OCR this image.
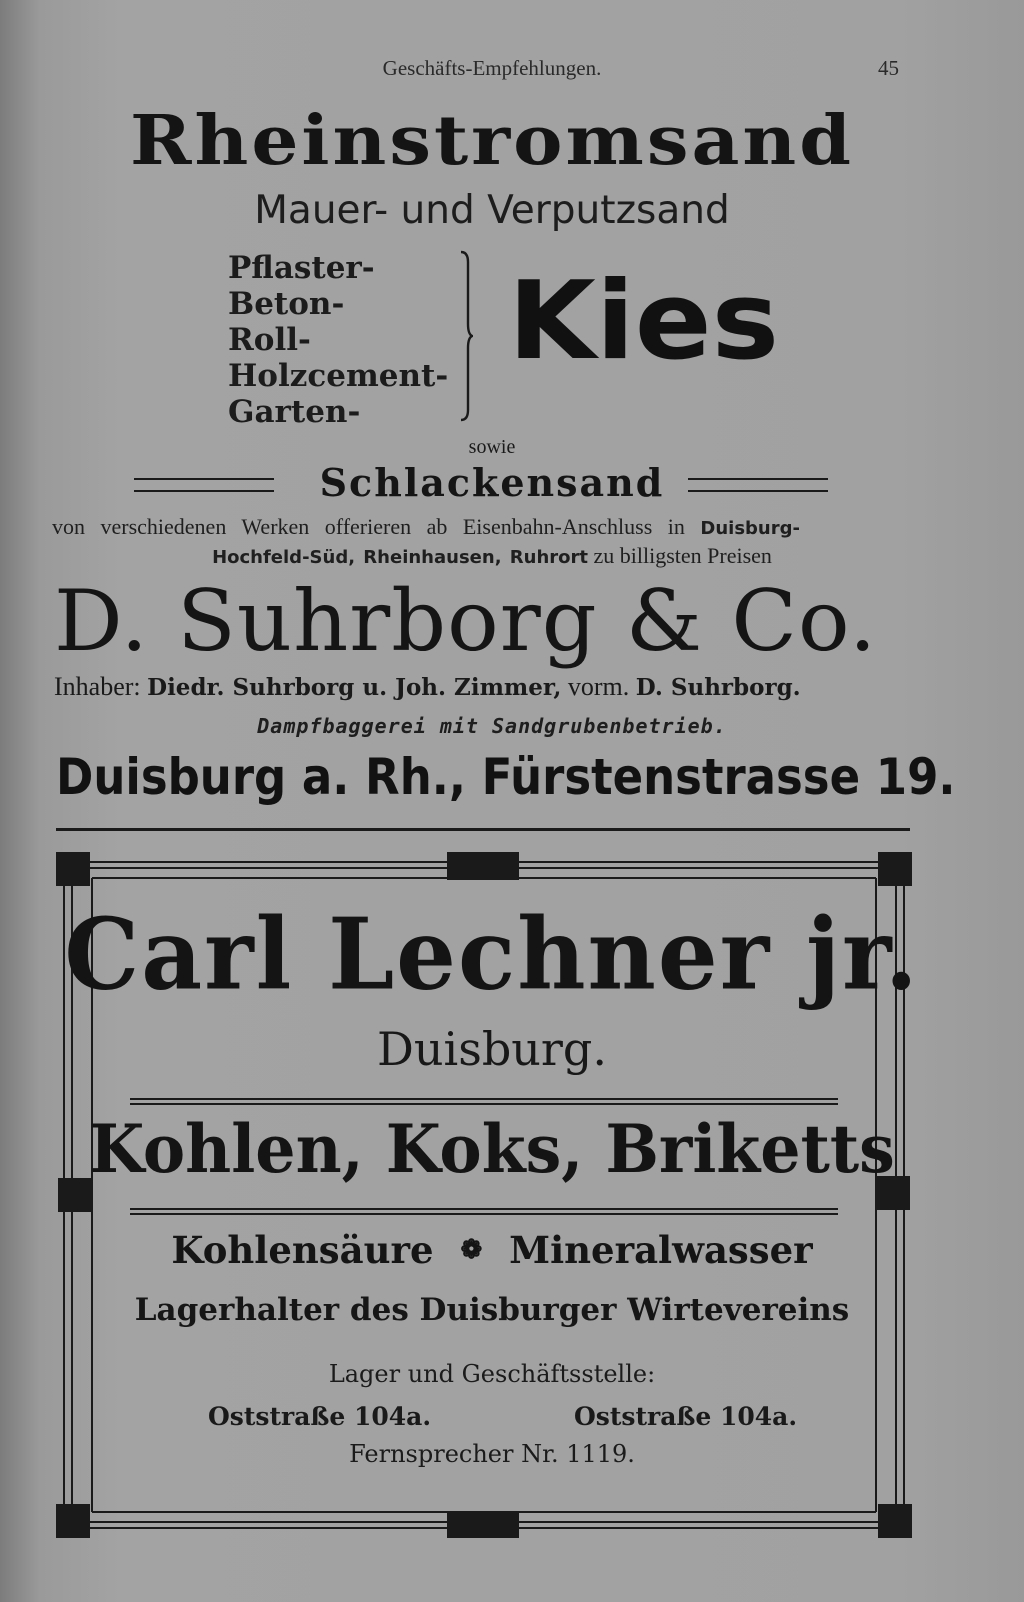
Geschäfts-Empfehlungen.	45
Rheinstromsand
Mauer- und Verputzsand
Pflaster-
Beton-
Roll-
Holzcement-
Garten-
Kies
sowie
Schlackensand
von verschiedenen Werken offerieren ab Eisenbahn-Anschluss in Duisburg-
Hochfeld-Süd, Rheinhausen, Ruhrort zu billigsten Preisen
D. Suhrborg & Co.
Inhaber: Diedr. Suhrborg u. Joh. Zimmer, vorm. D. Suhrborg.
Dampfbaggerei mit Sandgrubenbetrieb.
Duisburg a. Rh., Fürstenstrasse 19.
Carl Lechner jr.
Duisburg.
Kohlen, Koks, Briketts
Kohlensäure ❁ Mineralwasser
Lagerhalter des Duisburger Wirtevereins
Lager und Geschäftsstelle:
Oststraße 104a.	Oststraße 104a.
Fernsprecher Nr. 1119.
